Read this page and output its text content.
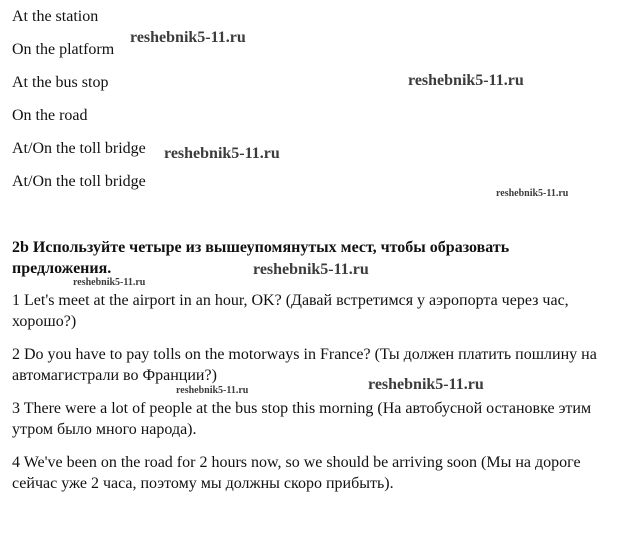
At the station
On the platform
At the bus stop
On the road
At/On the toll bridge
At/On the toll bridge
2b Используйте четыре из вышеупомянутых мест, чтобы образовать предложения.
1 Let's meet at the airport in an hour, OK? (Давай встретимся у аэропорта через час, хорошо?)
2 Do you have to pay tolls on the motorways in France? (Ты должен платить пошлину на автомагистрали во Франции?)
3 There were a lot of people at the bus stop this morning (На автобусной остановке этим утром было много народа).
4 We've been on the road for 2 hours now, so we should be arriving soon (Мы на дороге сейчас уже 2 часа, поэтому мы должны скоро прибыть).
reshebnik5-11.ru
reshebnik5-11.ru
reshebnik5-11.ru
reshebnik5-11.ru
reshebnik5-11.ru
reshebnik5-11.ru
reshebnik5-11.ru	reshebnik5-11.ru
